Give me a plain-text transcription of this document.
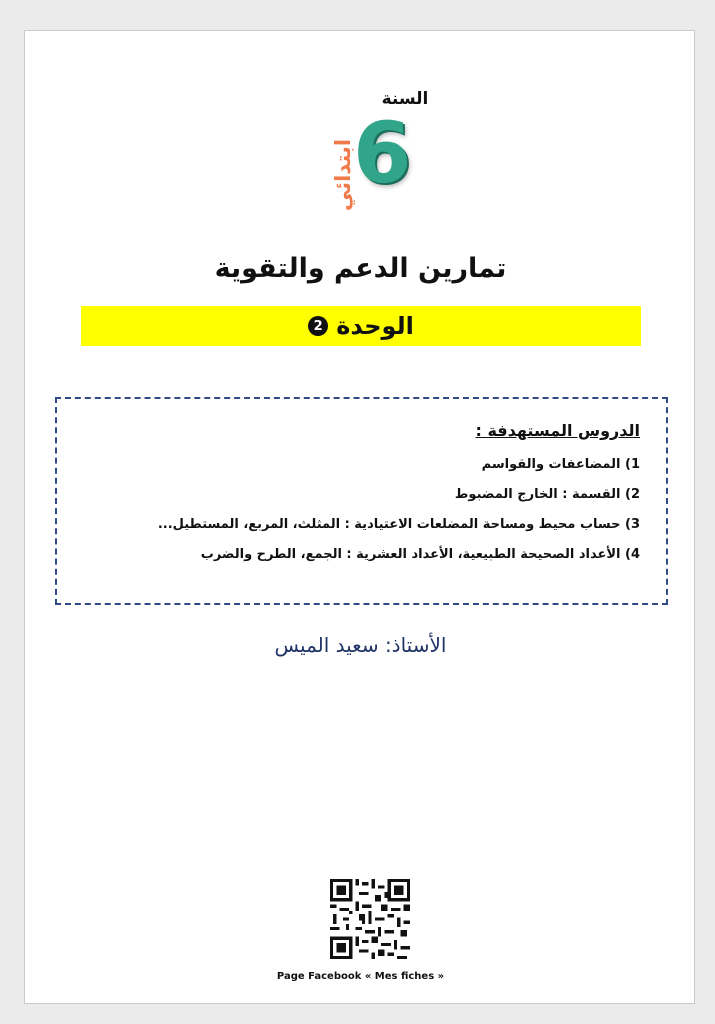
السنة
6
ابتدائي
تمارين الدعم والتقوية
الوحدة
2
الدروس المستهدفة :
1) المضاعفات والقواسم
2) القسمة : الخارج المضبوط
3) حساب محيط ومساحة المضلعات الاعتيادية : المثلث، المربع، المستطيل...
4) الأعداد الصحيحة الطبيعية، الأعداد العشرية : الجمع، الطرح والضرب
الأستاذ: سعيد الميس
Page Facebook « Mes fiches »
